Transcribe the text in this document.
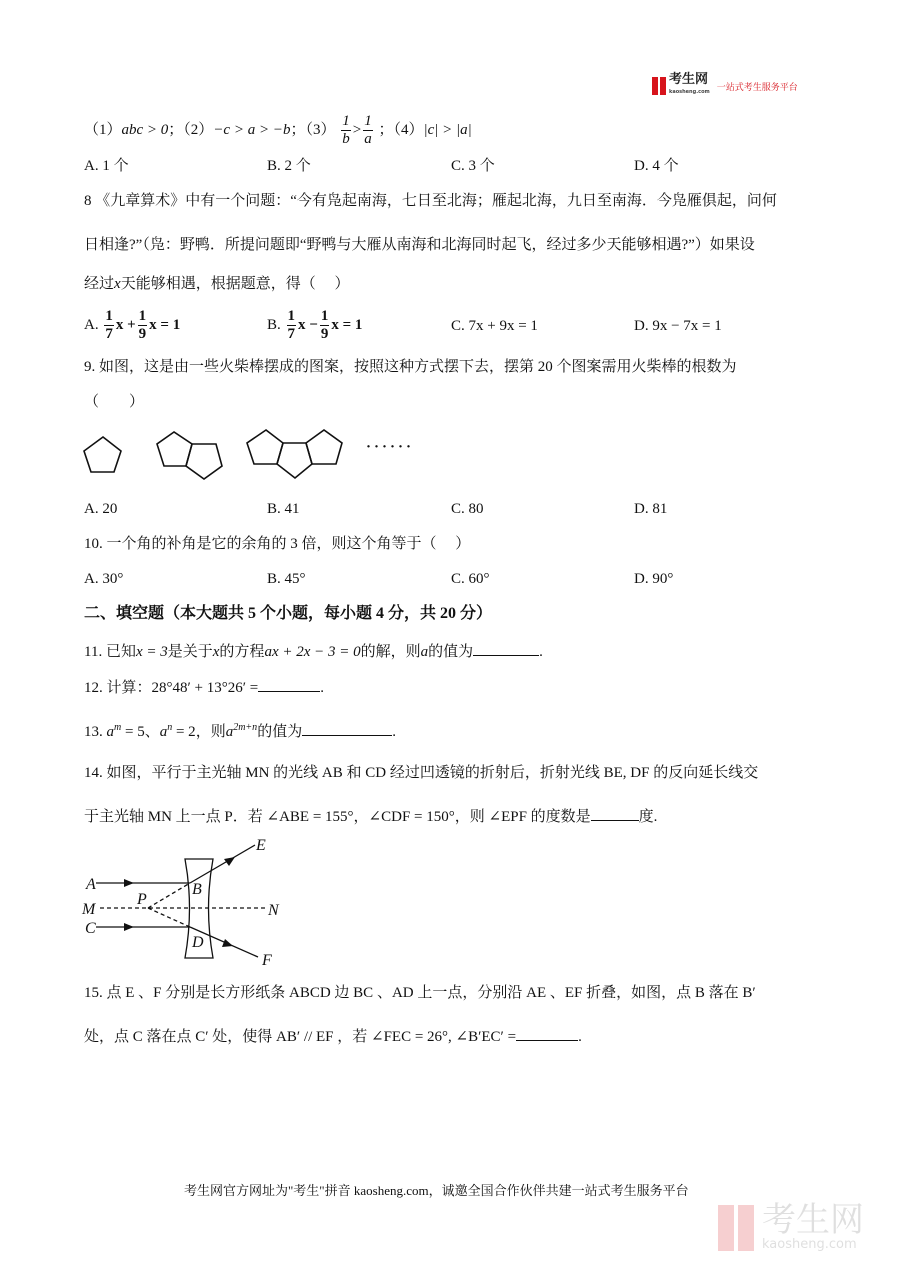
考生网
kaosheng.com 一站式考生服务平台
（1）abc > 0；（2）−c > a > −b；$(3) \frac{1}{b} > \frac{1}{a}$ ；（4）|c| > |a|
A. 1 个	B. 2 个	C. 3 个	D. 4 个
8 《九章算术》中有一个问题：“今有凫起南海，七日至北海；雁起北海，九日至南海．今凫雁俱起，问何
日相逢?”（凫：野鸭．所提问题即“野鸭与大雁从南海和北海同时起飞，经过多少天能够相遇?”）如果设
经过x天能够相遇，根据题意，得（　 ）
A. $\frac{1}{7}$ $x + \frac{1}{9}$ x = 1	B. $\frac{1}{7}$ $x - \frac{1}{9}$ x = 1	C. 7x + 9x = 1	D. 9x − 7x = 1
9. 如图，这是由一些火柴棒摆成的图案，按照这种方式摆下去，摆第 20 个图案需用火柴棒的根数为
（　　）
A	B
C
D
E
F
M	N
P
······
A. 20	B. 41	C. 80	D. 81
10. 一个角的补角是它的余角的 3 倍，则这个角等于（　 ）
A. 30°	B. 45°	C. 60°	D. 90°
二、填空题（本大题共 5 个小题，每小题 4 分，共 20 分）
11. 已知x = 3是关于x的方程ax + 2x − 3 = 0的解，则a的值为	.
12. 计算：28°48′ + 13°26′ =	.
13. $a^m = 5$、$a^n = 2$，则$a^{2m+n}$的值为	.
14. 如图，平行于主光轴 MN 的光线 AB 和 CD 经过凹透镜的折射后，折射光线 BE, DF 的反向延长线交
于主光轴 MN 上一点 P．若 ∠ABE = 155°，∠CDF = 150°，则 ∠EPF 的度数是	度.
15. 点 E 、F 分别是长方形纸条 ABCD 边 BC 、AD 上一点，分别沿 AE 、EF 折叠，如图，点 B 落在 B′
处，点 C 落在点 C′ 处，使得 AB′ // EF ，若 ∠FEC = 26°, ∠B′EC′ =	.
考生网官方网址为"考生"拼音 kaosheng.com，诚邀全国合作伙伴共建一站式考生服务平台
考生网
kaosheng.com
